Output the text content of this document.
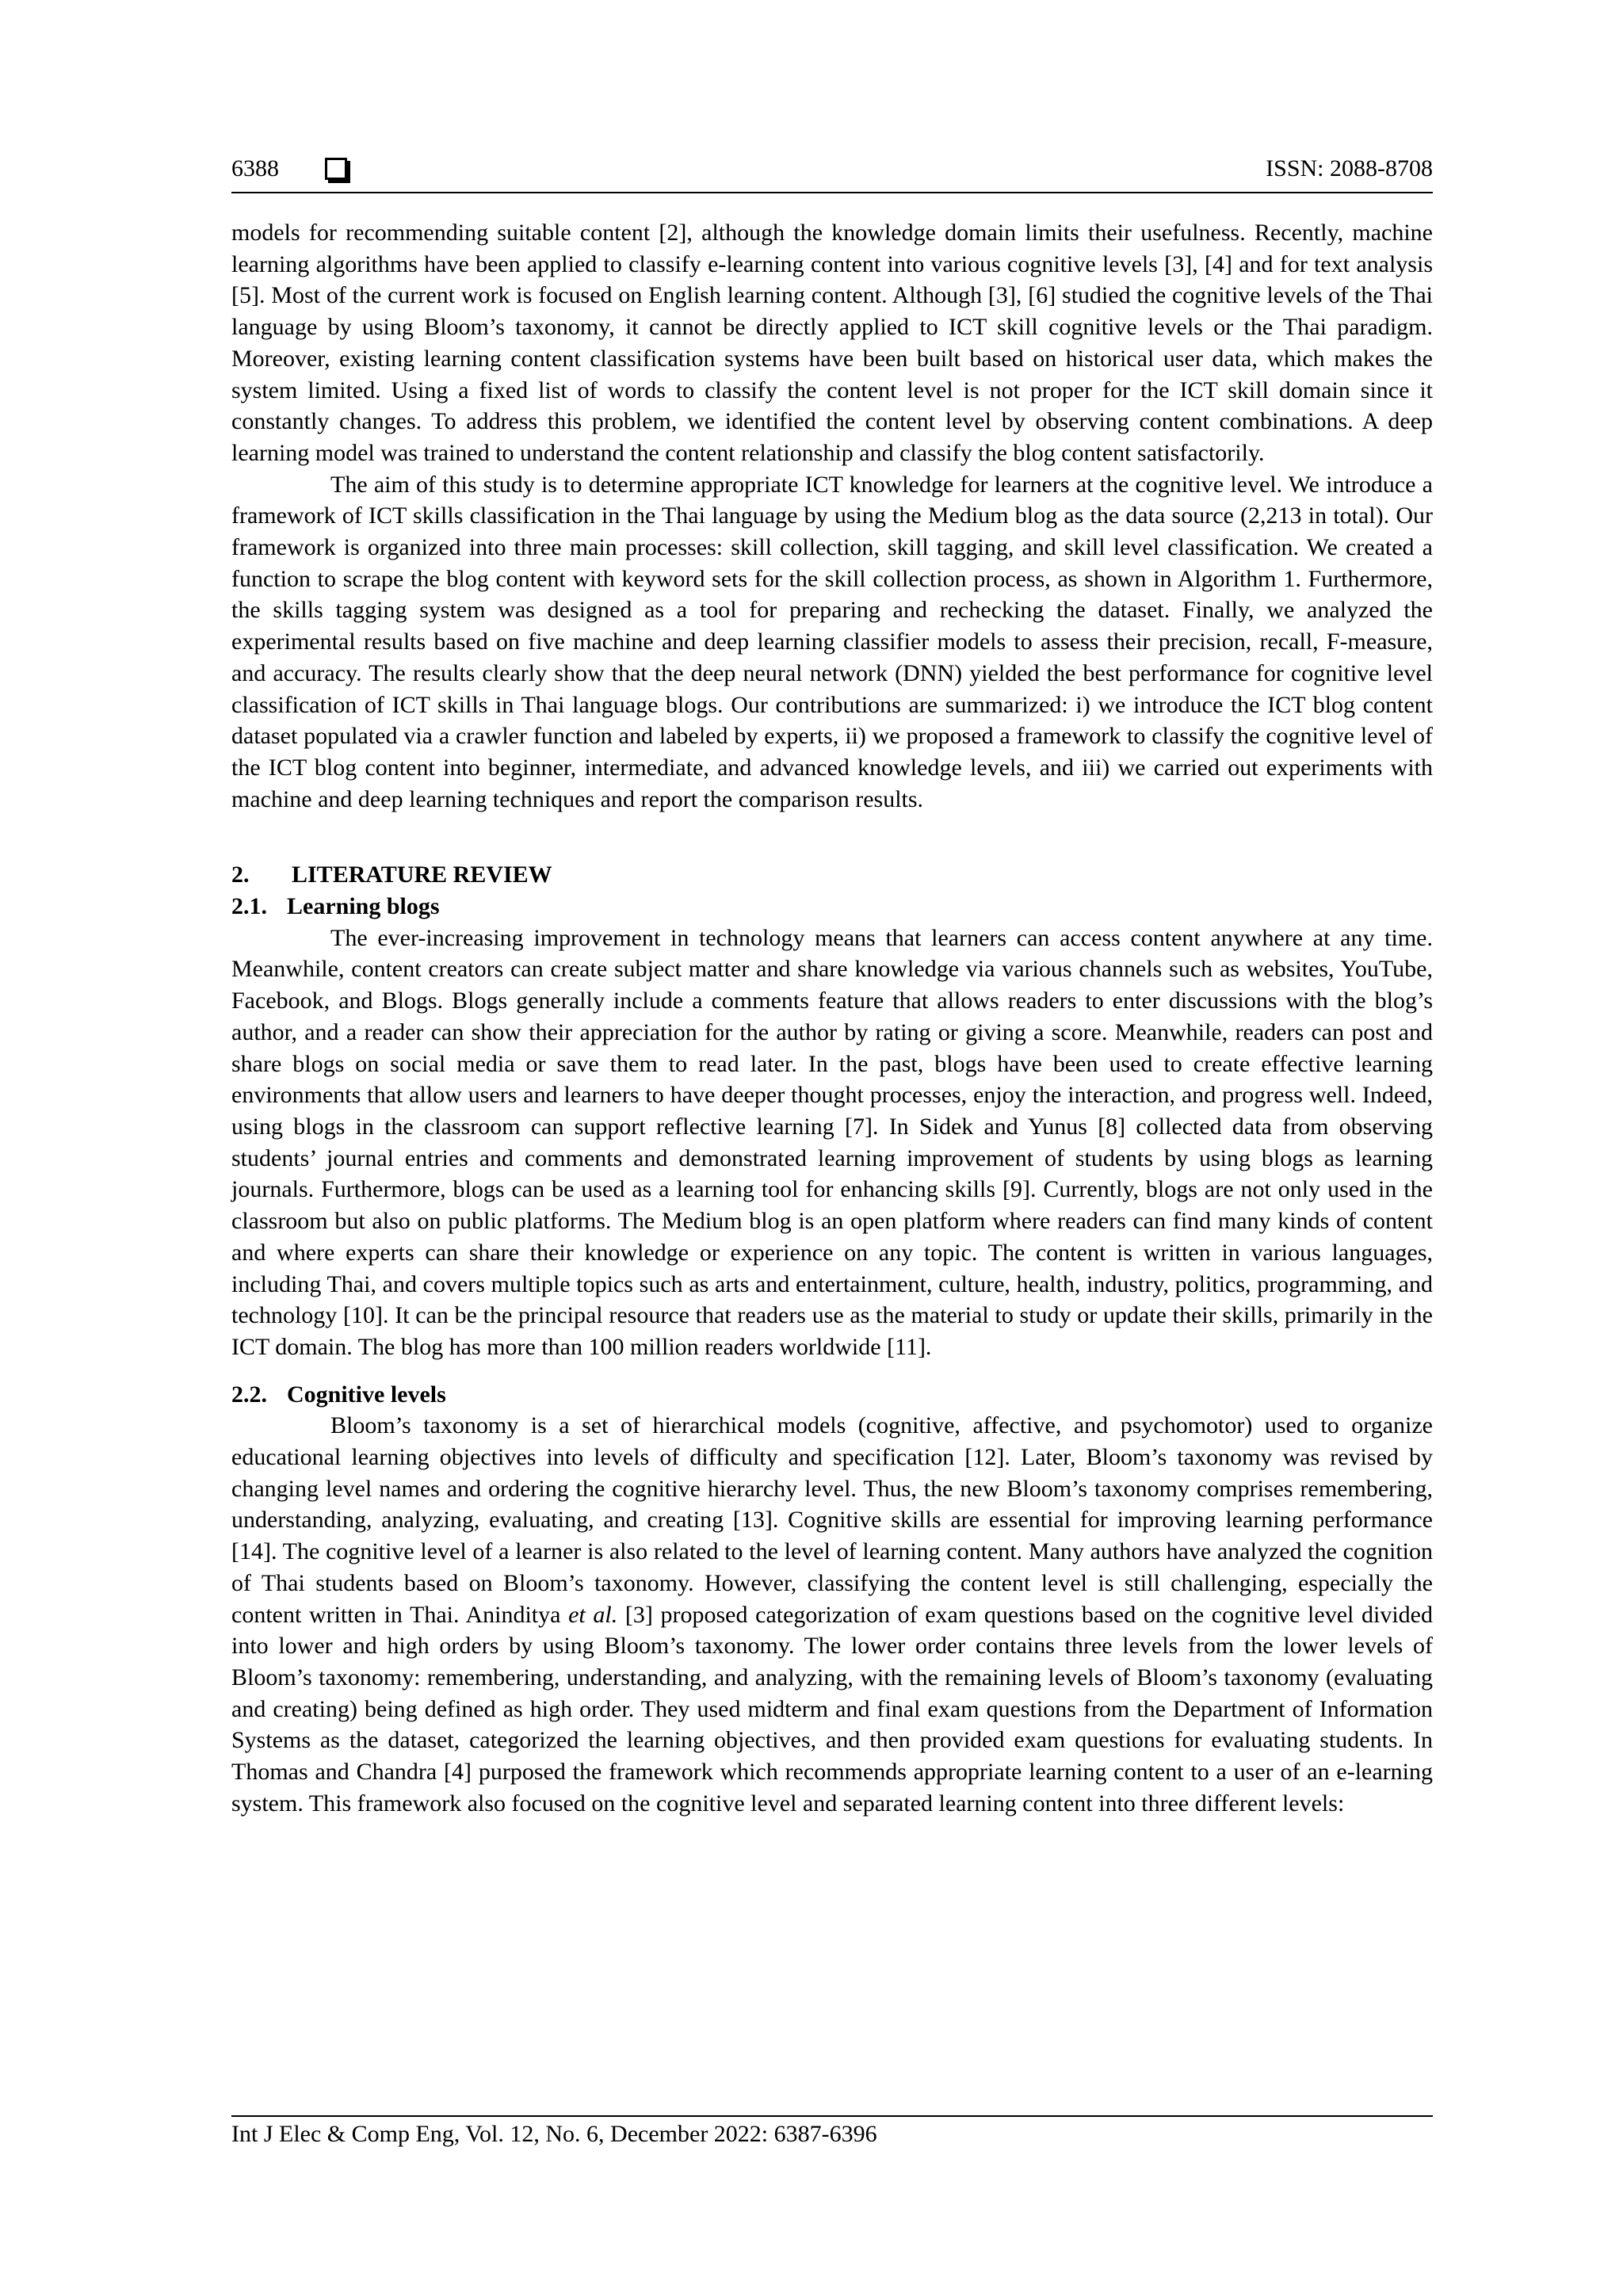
6388	ISSN: 2088-8708

models for recommending suitable content [2], although the knowledge domain limits their usefulness. Recently, machine learning algorithms have been applied to classify e-learning content into various cognitive levels [3], [4] and for text analysis [5]. Most of the current work is focused on English learning content. Although [3], [6] studied the cognitive levels of the Thai language by using Bloom’s taxonomy, it cannot be directly applied to ICT skill cognitive levels or the Thai paradigm. Moreover, existing learning content classification systems have been built based on historical user data, which makes the system limited. Using a fixed list of words to classify the content level is not proper for the ICT skill domain since it constantly changes. To address this problem, we identified the content level by observing content combinations. A deep learning model was trained to understand the content relationship and classify the blog content satisfactorily.

The aim of this study is to determine appropriate ICT knowledge for learners at the cognitive level. We introduce a framework of ICT skills classification in the Thai language by using the Medium blog as the data source (2,213 in total). Our framework is organized into three main processes: skill collection, skill tagging, and skill level classification. We created a function to scrape the blog content with keyword sets for the skill collection process, as shown in Algorithm 1. Furthermore, the skills tagging system was designed as a tool for preparing and rechecking the dataset. Finally, we analyzed the experimental results based on five machine and deep learning classifier models to assess their precision, recall, F-measure, and accuracy. The results clearly show that the deep neural network (DNN) yielded the best performance for cognitive level classification of ICT skills in Thai language blogs. Our contributions are summarized: i) we introduce the ICT blog content dataset populated via a crawler function and labeled by experts, ii) we proposed a framework to classify the cognitive level of the ICT blog content into beginner, intermediate, and advanced knowledge levels, and iii) we carried out experiments with machine and deep learning techniques and report the comparison results.

2. LITERATURE REVIEW

2.1. Learning blogs

The ever-increasing improvement in technology means that learners can access content anywhere at any time. Meanwhile, content creators can create subject matter and share knowledge via various channels such as websites, YouTube, Facebook, and Blogs. Blogs generally include a comments feature that allows readers to enter discussions with the blog’s author, and a reader can show their appreciation for the author by rating or giving a score. Meanwhile, readers can post and share blogs on social media or save them to read later. In the past, blogs have been used to create effective learning environments that allow users and learners to have deeper thought processes, enjoy the interaction, and progress well. Indeed, using blogs in the classroom can support reflective learning [7]. In Sidek and Yunus [8] collected data from observing students’ journal entries and comments and demonstrated learning improvement of students by using blogs as learning journals. Furthermore, blogs can be used as a learning tool for enhancing skills [9]. Currently, blogs are not only used in the classroom but also on public platforms. The Medium blog is an open platform where readers can find many kinds of content and where experts can share their knowledge or experience on any topic. The content is written in various languages, including Thai, and covers multiple topics such as arts and entertainment, culture, health, industry, politics, programming, and technology [10]. It can be the principal resource that readers use as the material to study or update their skills, primarily in the ICT domain. The blog has more than 100 million readers worldwide [11].

2.2. Cognitive levels

Bloom’s taxonomy is a set of hierarchical models (cognitive, affective, and psychomotor) used to organize educational learning objectives into levels of difficulty and specification [12]. Later, Bloom’s taxonomy was revised by changing level names and ordering the cognitive hierarchy level. Thus, the new Bloom’s taxonomy comprises remembering, understanding, analyzing, evaluating, and creating [13]. Cognitive skills are essential for improving learning performance [14]. The cognitive level of a learner is also related to the level of learning content. Many authors have analyzed the cognition of Thai students based on Bloom’s taxonomy. However, classifying the content level is still challenging, especially the content written in Thai. Aninditya et al. [3] proposed categorization of exam questions based on the cognitive level divided into lower and high orders by using Bloom’s taxonomy. The lower order contains three levels from the lower levels of Bloom’s taxonomy: remembering, understanding, and analyzing, with the remaining levels of Bloom’s taxonomy (evaluating and creating) being defined as high order. They used midterm and final exam questions from the Department of Information Systems as the dataset, categorized the learning objectives, and then provided exam questions for evaluating students. In Thomas and Chandra [4] purposed the framework which recommends appropriate learning content to a user of an e-learning system. This framework also focused on the cognitive level and separated learning content into three different levels:

Int J Elec & Comp Eng, Vol. 12, No. 6, December 2022: 6387-6396
